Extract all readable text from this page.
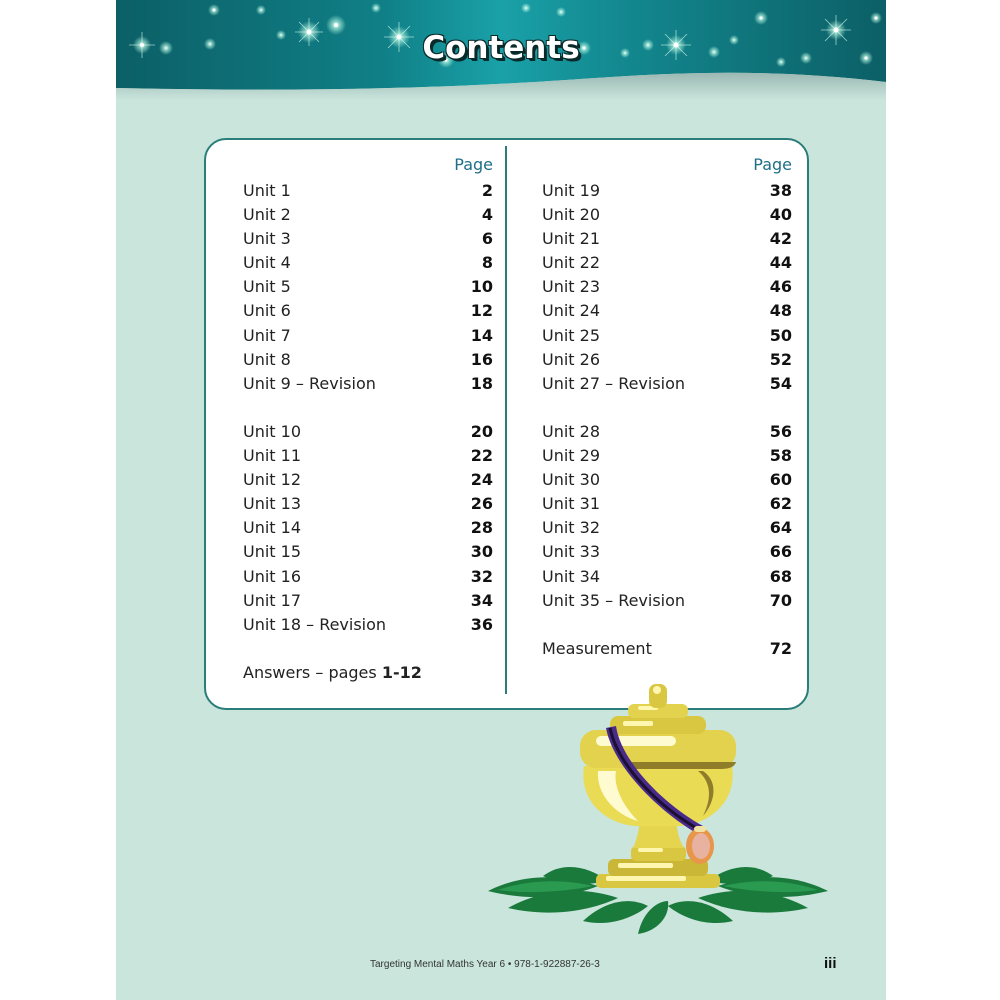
Contents
Page
Unit 1	2
Unit 2	4
Unit 3	6
Unit 4	8
Unit 5	10
Unit 6	12
Unit 7	14
Unit 8	16
Unit 9 – Revision	18
Unit 10	20
Unit 11	22
Unit 12	24
Unit 13	26
Unit 14	28
Unit 15	30
Unit 16	32
Unit 17	34
Unit 18 – Revision	36
Answers – pages 1-12
Page
Unit 19	38
Unit 20	40
Unit 21	42
Unit 22	44
Unit 23	46
Unit 24	48
Unit 25	50
Unit 26	52
Unit 27 – Revision	54
Unit 28	56
Unit 29	58
Unit 30	60
Unit 31	62
Unit 32	64
Unit 33	66
Unit 34	68
Unit 35 – Revision	70
Measurement	72
Targeting Mental Maths Year 6 • 978-1-922887-26-3	iii
